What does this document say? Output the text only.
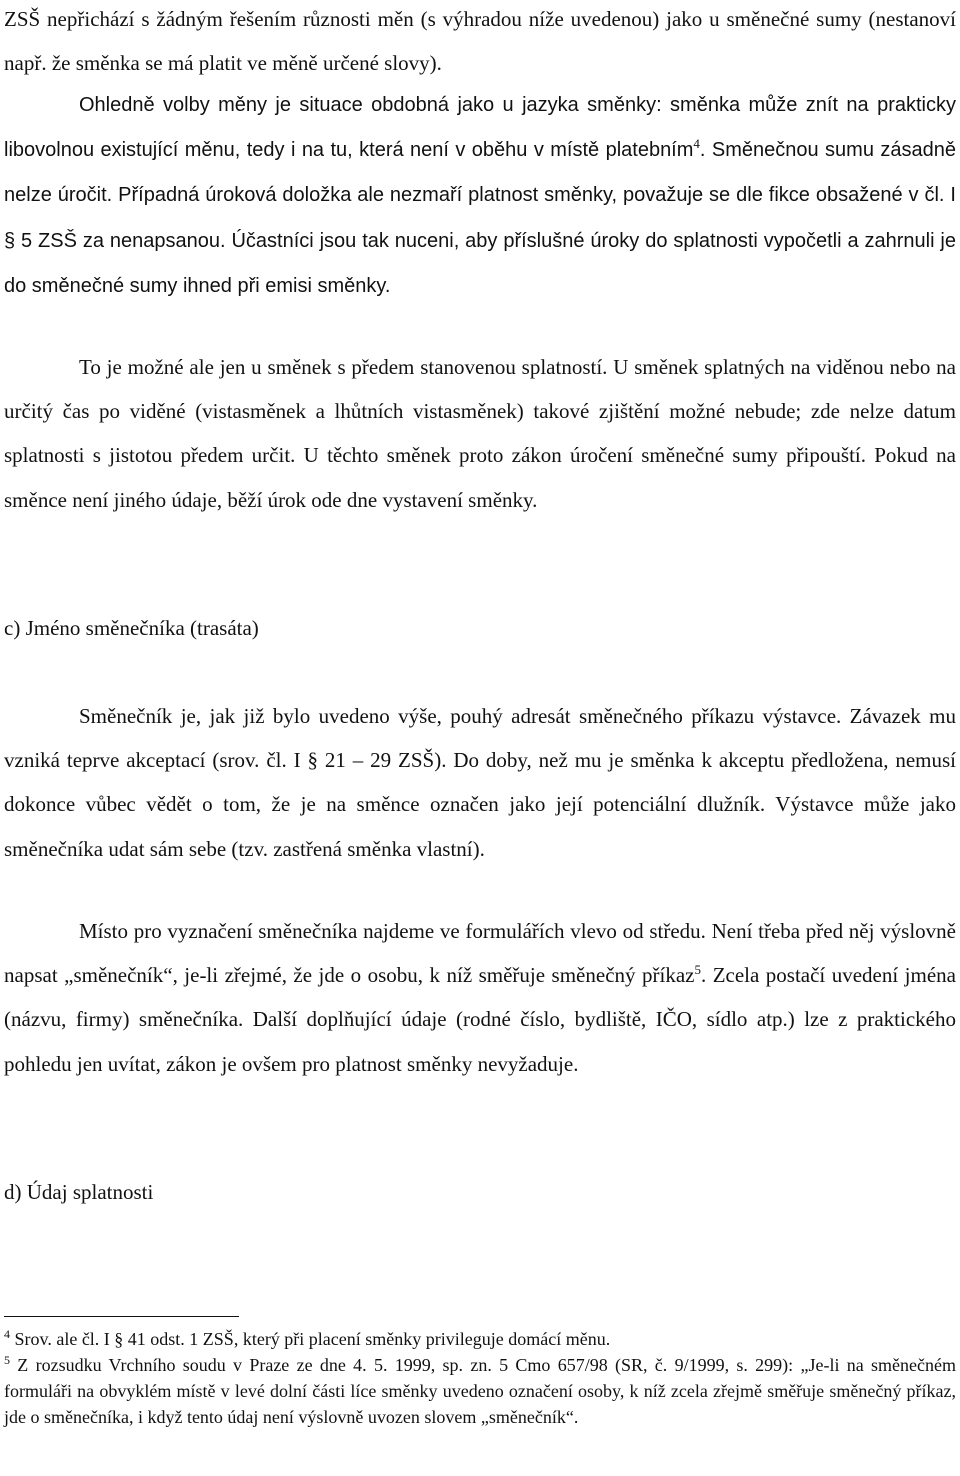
ZSŠ nepřichází s žádným řešením různosti měn (s výhradou níže uvedenou) jako u směnečné sumy (nestanoví např. že směnka se má platit ve měně určené slovy).

Ohledně volby měny je situace obdobná jako u jazyka směnky: směnka může znít na prakticky libovolnou existující měnu, tedy i na tu, která není v oběhu v místě platebním$^4$. Směnečnou sumu zásadně nelze úročit. Případná úroková doložka ale nezmaří platnost směnky, považuje se dle fikce obsažené v čl. I § 5 ZSŠ za nenapsanou. Účastníci jsou tak nuceni, aby příslušné úroky do splatnosti vypočetli a zahrnuli je do směnečné sumy ihned při emisi směnky.

To je možné ale jen u směnek s předem stanovenou splatností. U směnek splatných na viděnou nebo na určitý čas po viděné (vistasměnek a lhůtních vistasměnek) takové zjištění možné nebude; zde nelze datum splatnosti s jistotou předem určit. U těchto směnek proto zákon úročení směnečné sumy připouští. Pokud na směnce není jiného údaje, běží úrok ode dne vystavení směnky.

c) Jméno směnečníka (trasáta)

Směnečník je, jak již bylo uvedeno výše, pouhý adresát směnečného příkazu výstavce. Závazek mu vzniká teprve akceptací (srov. čl. I § 21 – 29 ZSŠ). Do doby, než mu je směnka k akceptu předložena, nemusí dokonce vůbec vědět o tom, že je na směnce označen jako její potenciální dlužník. Výstavce může jako směnečníka udat sám sebe (tzv. zastřená směnka vlastní).

Místo pro vyznačení směnečníka najdeme ve formulářích vlevo od středu. Není třeba před něj výslovně napsat „směnečník“, je-li zřejmé, že jde o osobu, k níž směřuje směnečný příkaz$^5$. Zcela postačí uvedení jména (názvu, firmy) směnečníka. Další doplňující údaje (rodné číslo, bydliště, IČO, sídlo atp.) lze z praktického pohledu jen uvítat, zákon je ovšem pro platnost směnky nevyžaduje.

d) Údaj splatnosti

$^4$ Srov. ale čl. I § 41 odst. 1 ZSŠ, který při placení směnky privileguje domácí měnu.

$^5$ Z rozsudku Vrchního soudu v Praze ze dne 4. 5. 1999, sp. zn. 5 Cmo 657/98 (SR, č. 9/1999, s. 299): „Je-li na směnečném formuláři na obvyklém místě v levé dolní části líce směnky uvedeno označení osoby, k níž zcela zřejmě směřuje směnečný příkaz, jde o směnečníka, i když tento údaj není výslovně uvozen slovem „směnečník“.
